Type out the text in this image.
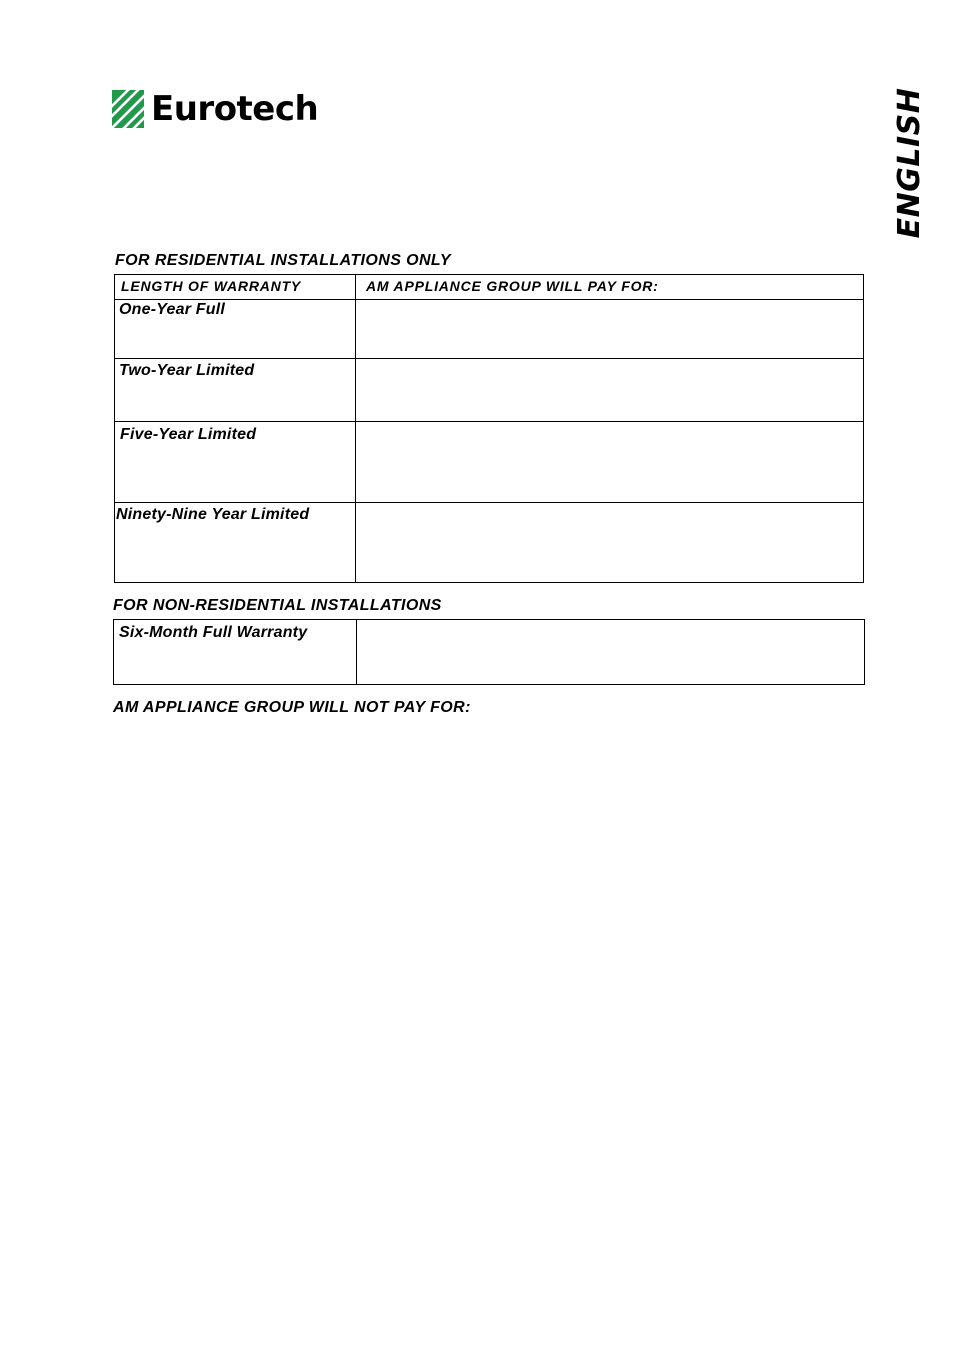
Eurotech	ENGLISH
FOR RESIDENTIAL INSTALLATIONS ONLY
LENGTH OF WARRANTY	AM APPLIANCE GROUP WILL PAY FOR:
One-Year Full	
Two-Year Limited	
Five-Year Limited	
Ninety-Nine Year Limited	
FOR NON-RESIDENTIAL INSTALLATIONS
Six-Month Full Warranty	
AM APPLIANCE GROUP WILL NOT PAY FOR:
